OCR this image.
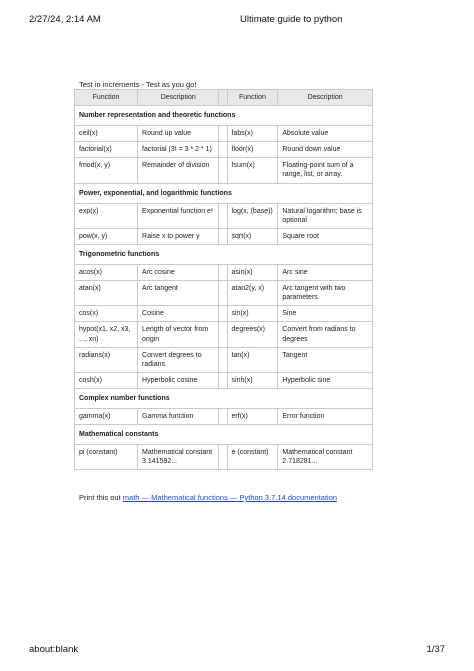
2/27/24, 2:14 AM	Ultimate guide to python
Test in increments - Test as you go!
Function	Description		Function	Description
Number representation and theoretic functions				
ceil(x)	Round up value		fabs(x)	Absolute value
factorial(x)	factorial (3! = 3 * 2 * 1)		floor(x)	Round down value
fmod(x, y)	Remainder of division		fsum(x)	Floating-point sum of a range, list, or array.
Power, exponential, and logarithmic functions				
exp(x)	Exponential function eˣ		log(x, (base))	Natural logarithm; base is optional
pow(x, y)	Raise x to power y		sqrt(x)	Square root
Trigonometric functions				
acos(x)	Arc cosine		asin(x)	Arc sine
atan(x)	Arc tangent		atan2(y, x)	Arc tangent with two parameters
cos(x)	Cosine		sin(x)	Sine
hypot(x1, x2, x3, ..., xn)	Length of vector from origin		degrees(x)	Convert from radians to degrees
radians(x)	Convert degrees to radians		tan(x)	Tangent
cosh(x)	Hyperbolic cosine		sinh(x)	Hyperbolic sine
Complex number functions				
gamma(x)	Gamma function		erf(x)	Error function
Mathematical constants				
pi (constant)	Mathematical constant 3.141592...		e (constant)	Mathematical constant 2.718281...
Print this out math — Mathematical functions — Python 3.7.14 documentation
about:blank	1/37
